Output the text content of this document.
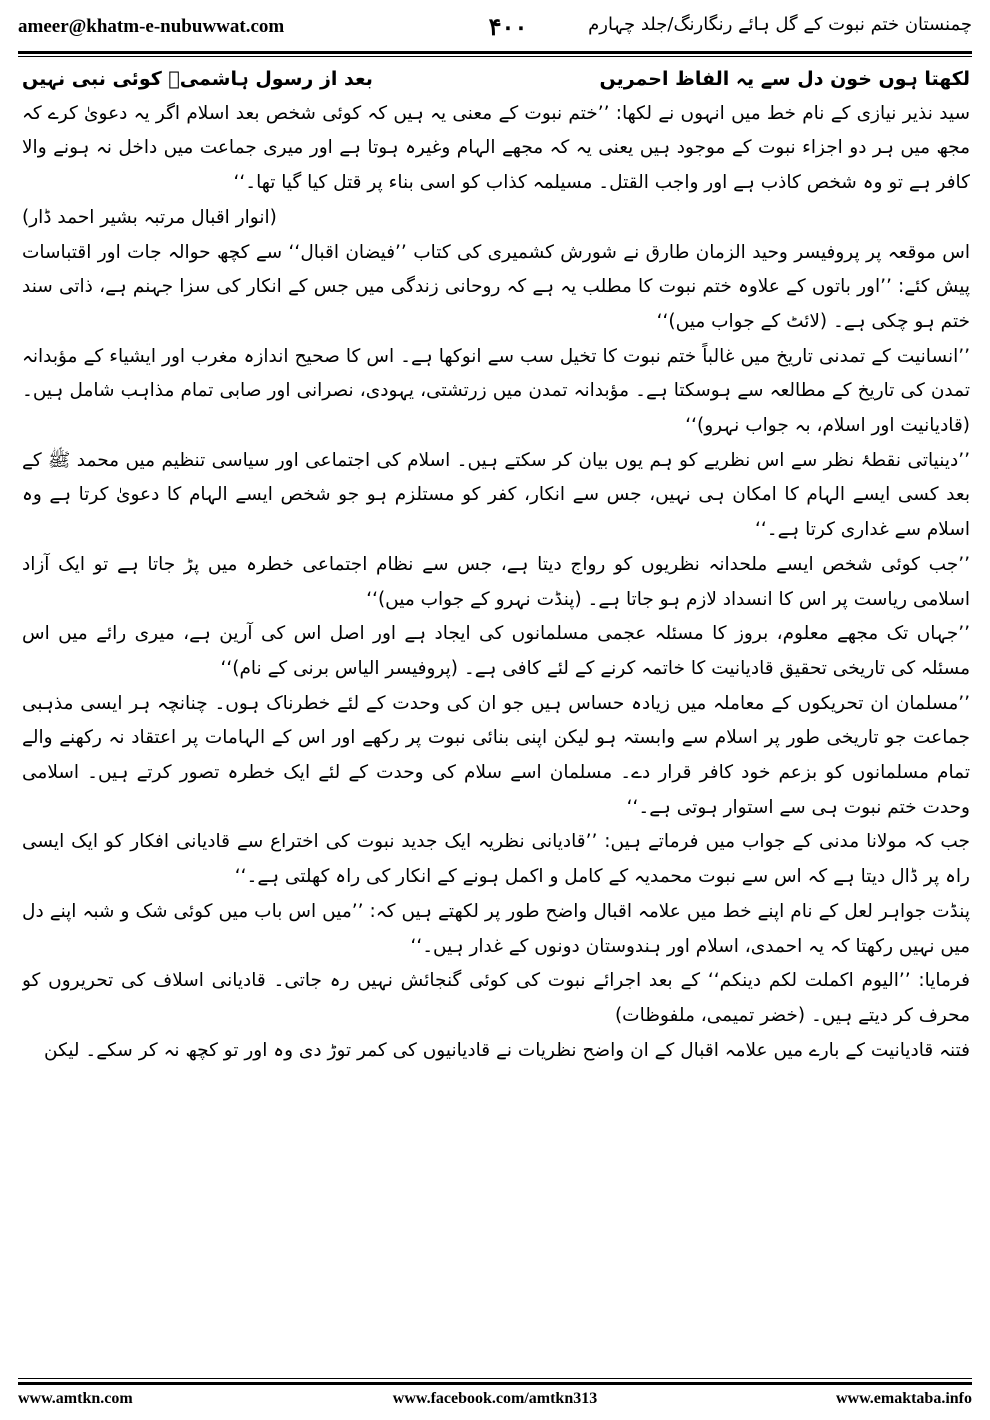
ameer@khatm-e-nubuwwat.com	۴۰۰	چمنستان ختم نبوت کے گل ہائے رنگارنگ/جلد چہارم
لکھتا ہوں خون دل سے یہ الفاظ احمریں
بعد از رسول ہاشمیؐ کوئی نبی نہیں

سید نذیر نیازی کے نام خط میں انہوں نے لکھا: ’’ختم نبوت کے معنی یہ ہیں کہ کوئی شخص بعد اسلام اگر یہ دعویٰ کرے کہ مجھ میں ہر دو اجزاء نبوت کے موجود ہیں یعنی یہ کہ مجھے الہام وغیرہ ہوتا ہے اور میری جماعت میں داخل نہ ہونے والا کافر ہے تو وہ شخص کاذب ہے اور واجب القتل۔ مسیلمہ کذاب کو اسی بناء پر قتل کیا گیا تھا۔‘‘

(انوار اقبال مرتبہ بشیر احمد ڈار)

اس موقعہ پر پروفیسر وحید الزمان طارق نے شورش کشمیری کی کتاب ’’فیضان اقبال‘‘ سے کچھ حوالہ جات اور اقتباسات پیش کئے: ’’اور باتوں کے علاوہ ختم نبوت کا مطلب یہ ہے کہ روحانی زندگی میں جس کے انکار کی سزا جہنم ہے، ذاتی سند ختم ہو چکی ہے۔ (لائٹ کے جواب میں)‘‘

’’انسانیت کے تمدنی تاریخ میں غالباً ختم نبوت کا تخیل سب سے انوکھا ہے۔ اس کا صحیح اندازہ مغرب اور ایشیاء کے مؤبدانہ تمدن کی تاریخ کے مطالعہ سے ہوسکتا ہے۔ مؤبدانہ تمدن میں زرتشتی، یہودی، نصرانی اور صابی تمام مذاہب شامل ہیں۔ (قادیانیت اور اسلام، بہ جواب نہرو)‘‘

’’دینیاتی نقطۂ نظر سے اس نظریے کو ہم یوں بیان کر سکتے ہیں۔ اسلام کی اجتماعی اور سیاسی تنظیم میں محمد ﷺ کے بعد کسی ایسے الہام کا امکان ہی نہیں، جس سے انکار، کفر کو مستلزم ہو جو شخص ایسے الہام کا دعویٰ کرتا ہے وہ اسلام سے غداری کرتا ہے۔‘‘

’’جب کوئی شخص ایسے ملحدانہ نظریوں کو رواج دیتا ہے، جس سے نظام اجتماعی خطرہ میں پڑ جاتا ہے تو ایک آزاد اسلامی ریاست پر اس کا انسداد لازم ہو جاتا ہے۔ (پنڈت نہرو کے جواب میں)‘‘

’’جہاں تک مجھے معلوم، بروز کا مسئلہ عجمی مسلمانوں کی ایجاد ہے اور اصل اس کی آرین ہے، میری رائے میں اس مسئلہ کی تاریخی تحقیق قادیانیت کا خاتمہ کرنے کے لئے کافی ہے۔ (پروفیسر الیاس برنی کے نام)‘‘

’’مسلمان ان تحریکوں کے معاملہ میں زیادہ حساس ہیں جو ان کی وحدت کے لئے خطرناک ہوں۔ چنانچہ ہر ایسی مذہبی جماعت جو تاریخی طور پر اسلام سے وابستہ ہو لیکن اپنی بنائی نبوت پر رکھے اور اس کے الہامات پر اعتقاد نہ رکھنے والے تمام مسلمانوں کو بزعم خود کافر قرار دے۔ مسلمان اسے سلام کی وحدت کے لئے ایک خطرہ تصور کرتے ہیں۔ اسلامی وحدت ختم نبوت ہی سے استوار ہوتی ہے۔‘‘

جب کہ مولانا مدنی کے جواب میں فرماتے ہیں: ’’قادیانی نظریہ ایک جدید نبوت کی اختراع سے قادیانی افکار کو ایک ایسی راہ پر ڈال دیتا ہے کہ اس سے نبوت محمدیہ کے کامل و اکمل ہونے کے انکار کی راہ کھلتی ہے۔‘‘

پنڈت جواہر لعل کے نام اپنے خط میں علامہ اقبال واضح طور پر لکھتے ہیں کہ: ’’میں اس باب میں کوئی شک و شبہ اپنے دل میں نہیں رکھتا کہ یہ احمدی، اسلام اور ہندوستان دونوں کے غدار ہیں۔‘‘

فرمایا: ’’الیوم اکملت لکم دینکم‘‘ کے بعد اجرائے نبوت کی کوئی گنجائش نہیں رہ جاتی۔ قادیانی اسلاف کی تحریروں کو محرف کر دیتے ہیں۔ (خضر تمیمی، ملفوظات)

فتنہ قادیانیت کے بارے میں علامہ اقبال کے ان واضح نظریات نے قادیانیوں کی کمر توڑ دی وہ اور تو کچھ نہ کر سکے۔ لیکن

www.amtkn.com	www.facebook.com/amtkn313	www.emaktaba.info
